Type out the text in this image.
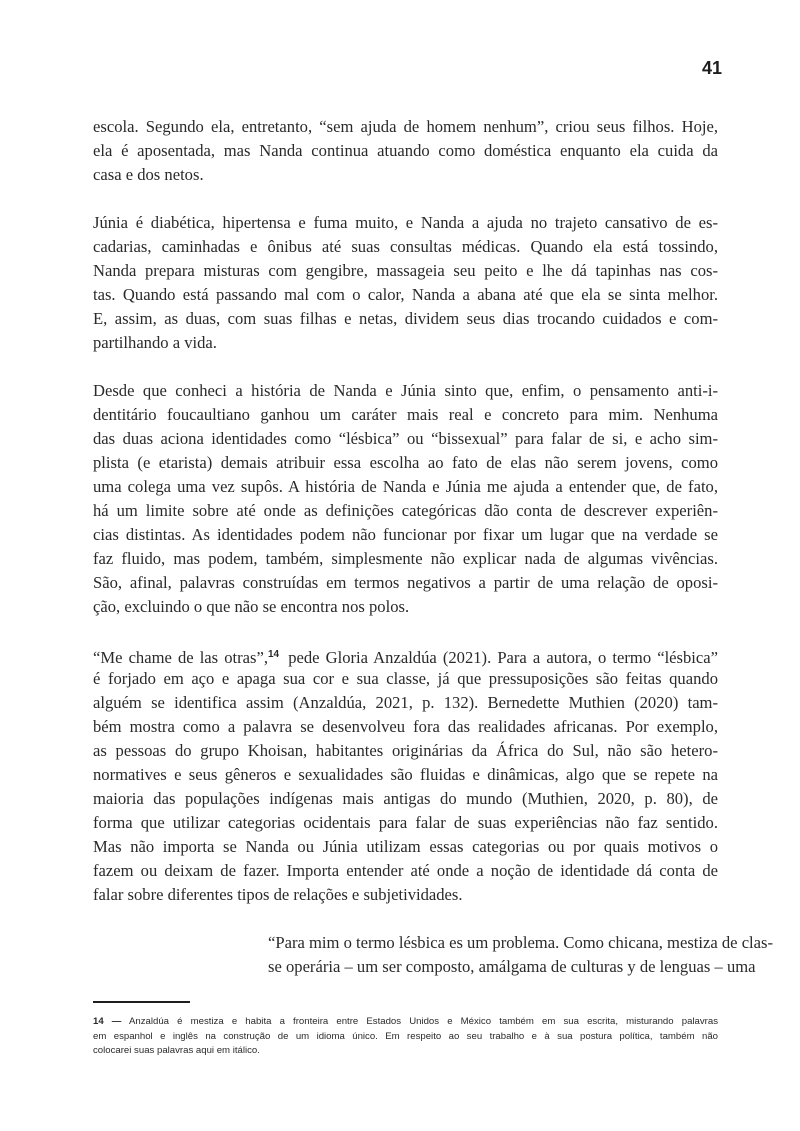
41
escola. Segundo ela, entretanto, “sem ajuda de homem nenhum”, criou seus filhos. Hoje,
ela é aposentada, mas Nanda continua atuando como doméstica enquanto ela cuida da
casa e dos netos.
Júnia é diabética, hipertensa e fuma muito, e Nanda a ajuda no trajeto cansativo de es-
cadarias, caminhadas e ônibus até suas consultas médicas. Quando ela está tossindo,
Nanda prepara misturas com gengibre, massageia seu peito e lhe dá tapinhas nas cos-
tas. Quando está passando mal com o calor, Nanda a abana até que ela se sinta melhor.
E, assim, as duas, com suas filhas e netas, dividem seus dias trocando cuidados e com-
partilhando a vida.
Desde que conheci a história de Nanda e Júnia sinto que, enfim, o pensamento anti-i-
dentitário foucaultiano ganhou um caráter mais real e concreto para mim. Nenhuma
das duas aciona identidades como “lésbica” ou “bissexual” para falar de si, e acho sim-
plista (e etarista) demais atribuir essa escolha ao fato de elas não serem jovens, como
uma colega uma vez supôs. A história de Nanda e Júnia me ajuda a entender que, de fato,
há um limite sobre até onde as definições categóricas dão conta de descrever experiên-
cias distintas. As identidades podem não funcionar por fixar um lugar que na verdade se
faz fluido, mas podem, também, simplesmente não explicar nada de algumas vivências.
São, afinal, palavras construídas em termos negativos a partir de uma relação de oposi-
ção, excluindo o que não se encontra nos polos.
“Me chame de las otras”,$^{14}$ pede Gloria Anzaldúa (2021). Para a autora, o termo “lésbica”
é forjado em aço e apaga sua cor e sua classe, já que pressuposições são feitas quando
alguém se identifica assim (Anzaldúa, 2021, p. 132). Bernedette Muthien (2020) tam-
bém mostra como a palavra se desenvolveu fora das realidades africanas. Por exemplo,
as pessoas do grupo Khoisan, habitantes originárias da África do Sul, não são hetero-
normatives e seus gêneros e sexualidades são fluidas e dinâmicas, algo que se repete na
maioria das populações indígenas mais antigas do mundo (Muthien, 2020, p. 80), de
forma que utilizar categorias ocidentais para falar de suas experiências não faz sentido.
Mas não importa se Nanda ou Júnia utilizam essas categorias ou por quais motivos o
fazem ou deixam de fazer. Importa entender até onde a noção de identidade dá conta de
falar sobre diferentes tipos de relações e subjetividades.
“Para mim o termo lésbica es um problema. Como chicana, mestiza de clas-
se operária – um ser composto, amálgama de culturas y de lenguas – uma
14 — Anzaldúa é mestiza e habita a fronteira entre Estados Unidos e México também em sua escrita, misturando palavras
em espanhol e inglês na construção de um idioma único. Em respeito ao seu trabalho e à sua postura política, também não
colocarei suas palavras aqui em itálico.
